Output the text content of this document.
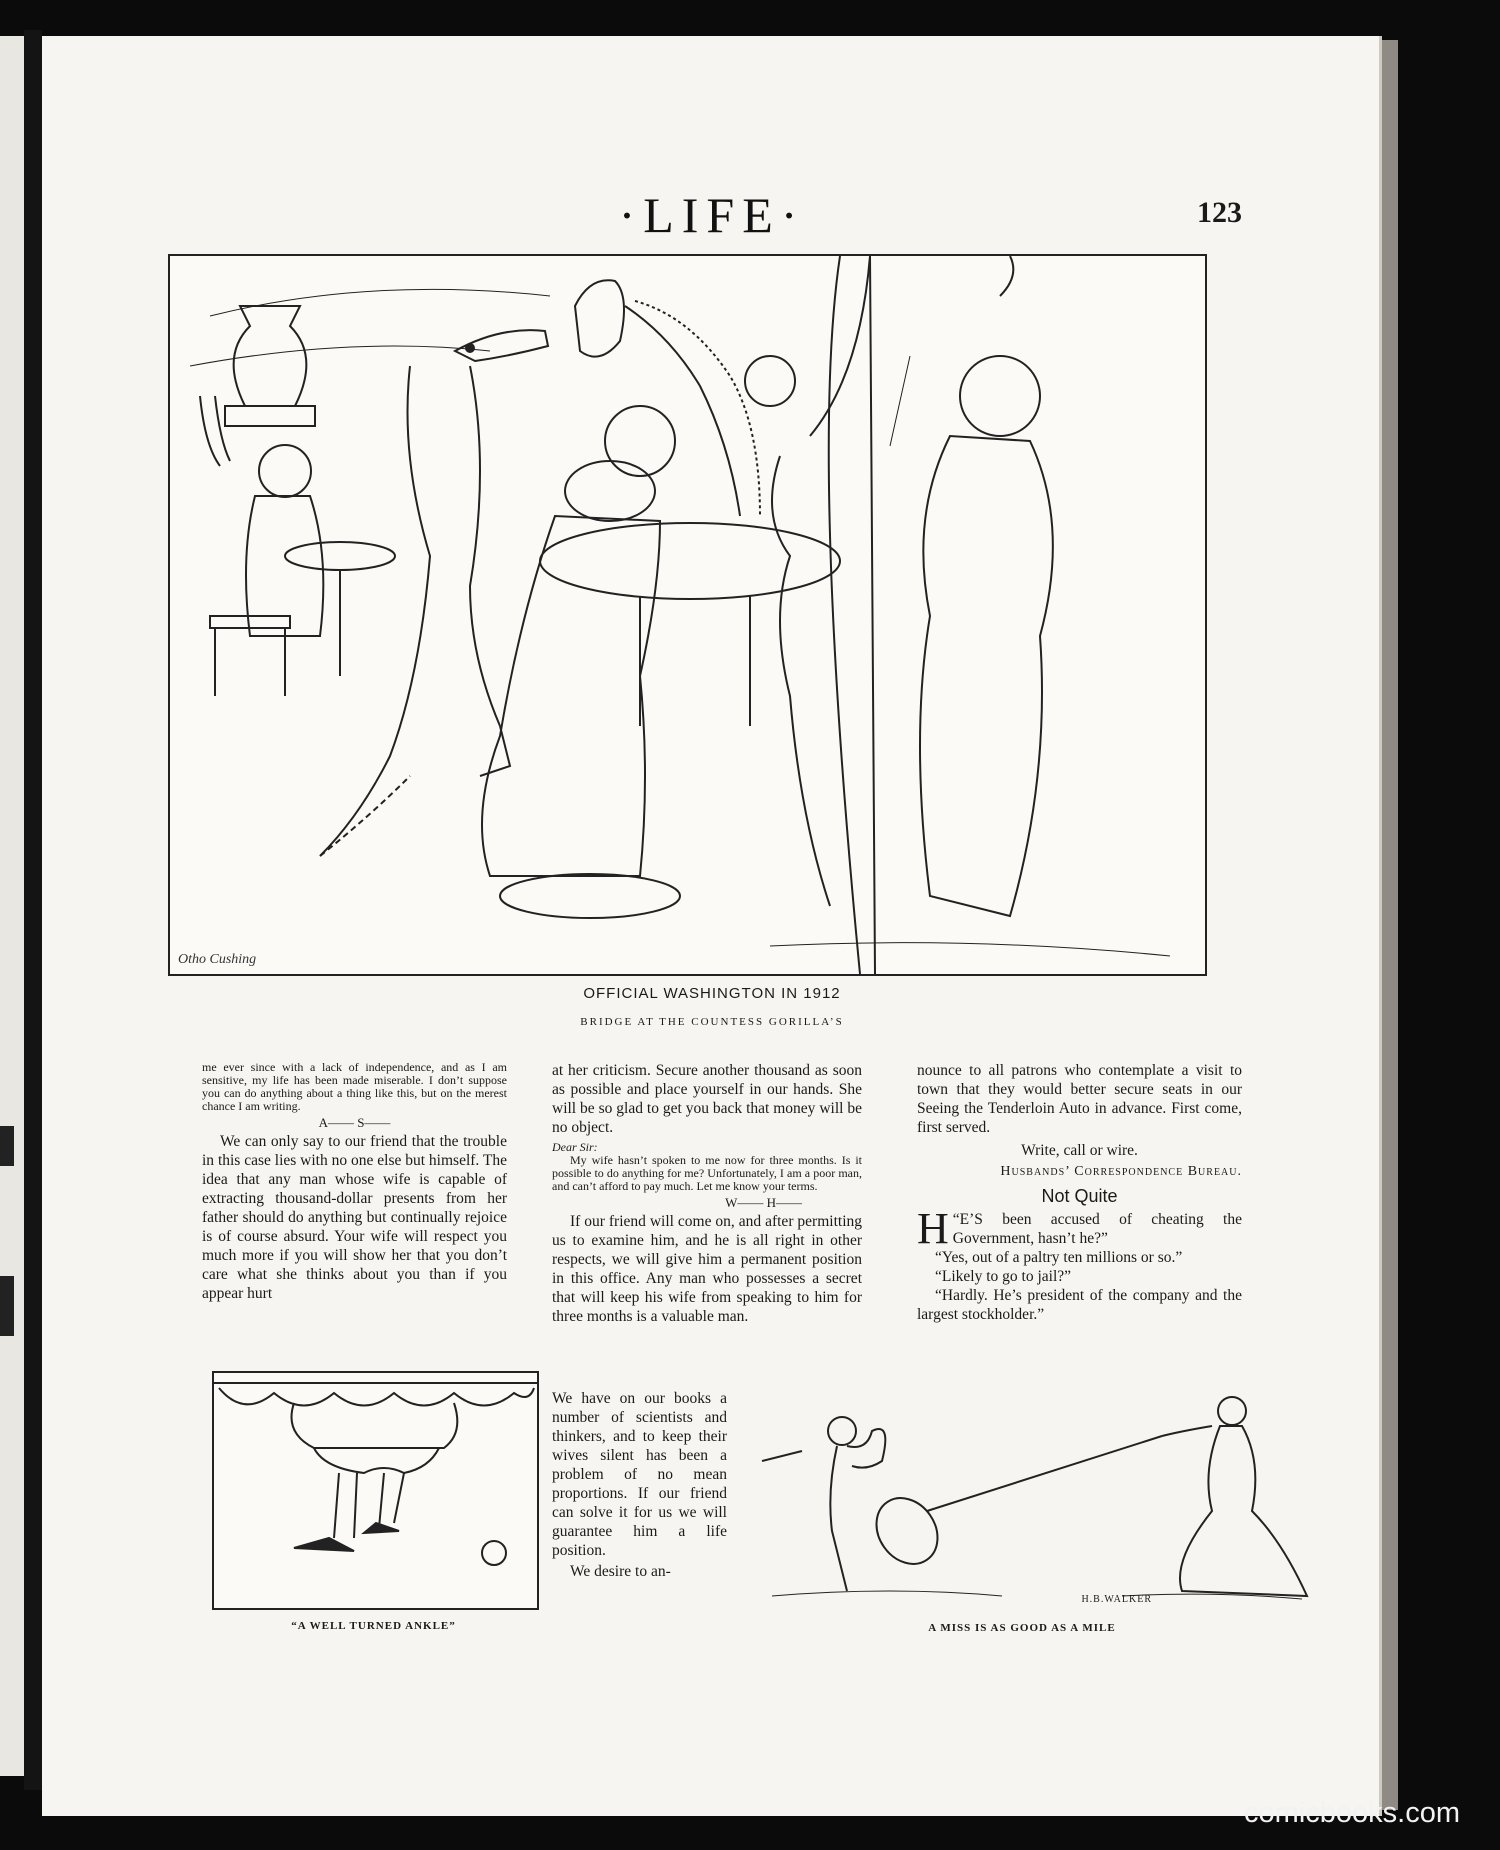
·LIFE·	123
Otho Cushing
OFFICIAL WASHINGTON IN 1912
BRIDGE AT THE COUNTESS GORILLA’S

me ever since with a lack of independence, and as I am sensitive, my life has been made miserable. I don’t suppose you can do anything about a thing like this, but on the merest chance I am writing.

A—— S——

We can only say to our friend that the trouble in this case lies with no one else but himself. The idea that any man whose wife is capable of extracting thousand-dollar presents from her father should do anything but continually rejoice is of course absurd. Your wife will respect you much more if you will show her that you don’t care what she thinks about you than if you appear hurt

at her criticism. Secure another thousand as soon as possible and place yourself in our hands. She will be so glad to get you back that money will be no object.

Dear Sir:

My wife hasn’t spoken to me now for three months. Is it possible to do anything for me? Unfortunately, I am a poor man, and can’t afford to pay much. Let me know your terms.

W—— H——

If our friend will come on, and after permitting us to examine him, and he is all right in other respects, we will give him a permanent position in this office. Any man who possesses a secret that will keep his wife from speaking to him for three months is a valuable man.

We have on our books a number of scientists and thinkers, and to keep their wives silent has been a problem of no mean proportions. If our friend can solve it for us we will guarantee him a life position.

We desire to an-

nounce to all patrons who contemplate a visit to town that they would better secure seats in our Seeing the Tenderloin Auto in advance. First come, first served.

Write, call or wire.

Husbands’ Correspondence Bureau.

Not Quite

“
H E’S been accused of cheating the Government, hasn’t he?”

“Yes, out of a paltry ten millions or so.”

“Likely to go to jail?”

“Hardly. He’s president of the company and the largest stockholder.”

“A WELL TURNED ANKLE”
H.B.WALKER
A MISS IS AS GOOD AS A MILE
comicbooks.com
